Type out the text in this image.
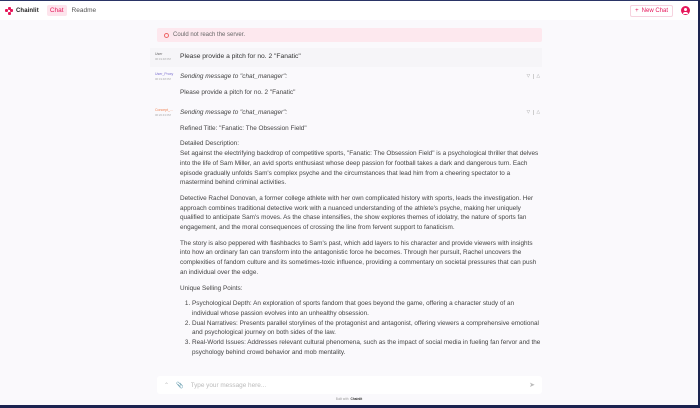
Chainlit	Chat	Readme	+ New Chat
Could not reach the server.
User
06:19:48 PM	Please provide a pitch for no. 2 "Fanatic"
User_Proxy
06:19:48 PM
▽ △

Sending message to "chat_manager":

Please provide a pitch for no. 2 "Fanatic"

Concept_...
06:20:43 PM
▽ △

Sending message to "chat_manager":

Refined Title: "Fanatic: The Obsession Field"

Detailed Description:

Set against the electrifying backdrop of competitive sports, "Fanatic: The Obsession Field" is a psychological thriller that delves into the life of Sam Miller, an avid sports enthusiast whose deep passion for football takes a dark and dangerous turn. Each episode gradually unfolds Sam's complex psyche and the circumstances that lead him from a cheering spectator to a mastermind behind criminal activities.

Detective Rachel Donovan, a former college athlete with her own complicated history with sports, leads the investigation. Her approach combines traditional detective work with a nuanced understanding of the athlete's psyche, making her uniquely qualified to anticipate Sam's moves. As the chase intensifies, the show explores themes of idolatry, the nature of sports fan engagement, and the moral consequences of crossing the line from fervent support to fanaticism.

The story is also peppered with flashbacks to Sam's past, which add layers to his character and provide viewers with insights into how an ordinary fan can transform into the antagonistic force he becomes. Through her pursuit, Rachel uncovers the complexities of fandom culture and its sometimes-toxic influence, providing a commentary on societal pressures that can push an individual over the edge.

Unique Selling Points:

1. Psychological Depth: An exploration of sports fandom that goes beyond the game, offering a character study of an individual whose passion evolves into an unhealthy obsession.
2. Dual Narratives: Presents parallel storylines of the protagonist and antagonist, offering viewers a comprehensive emotional and psychological journey on both sides of the law.
3. Real-World Issues: Addresses relevant cultural phenomena, such as the impact of social media in fueling fan fervor and the psychology behind crowd behavior and mob mentality.
⌃ 📎
Type your message here...	➤
Built with Chainlit
